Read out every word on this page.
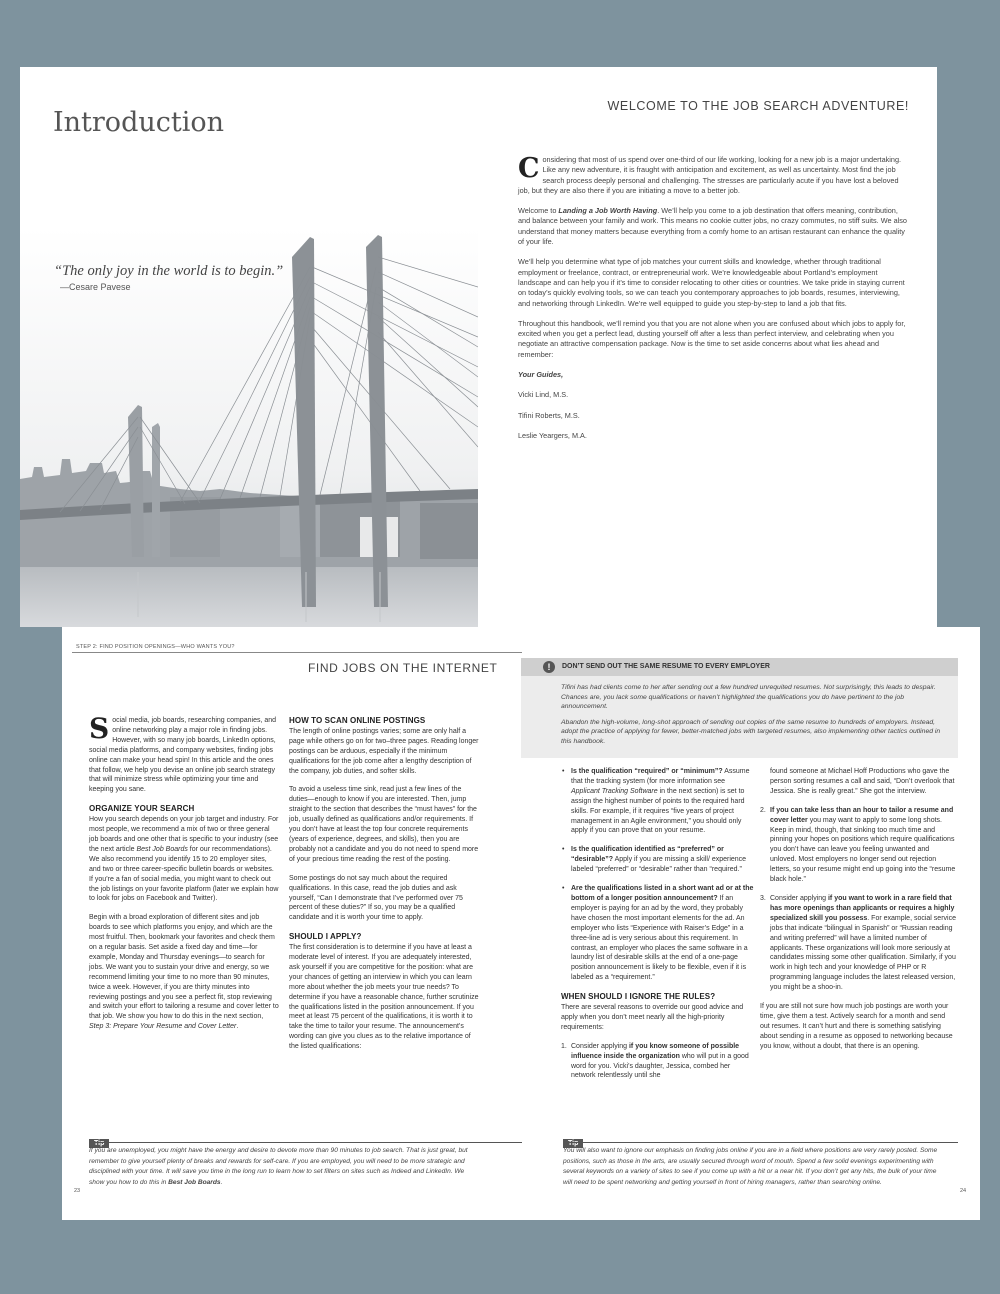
Introduction
WELCOME TO THE JOB SEARCH ADVENTURE!
“The only joy in the world is to begin.”
—Cesare Pavese

Considering that most of us spend over one-third of our life working, looking for a new job is a major undertaking. Like any new adventure, it is fraught with anticipation and excitement, as well as uncertainty. Most find the job search process deeply personal and challenging. The stresses are particularly acute if you have lost a beloved job, but they are also there if you are initiating a move to a better job.

Welcome to Landing a Job Worth Having. We’ll help you come to a job destination that offers meaning, contribution, and balance between your family and work. This means no cookie cutter jobs, no crazy commutes, no stiff suits. We also understand that money matters because everything from a comfy home to an artisan restaurant can enhance the quality of your life.

We’ll help you determine what type of job matches your current skills and knowledge, whether through traditional employment or freelance, contract, or entrepreneurial work. We’re knowledgeable about Portland’s employment landscape and can help you if it’s time to consider relocating to other cities or countries. We take pride in staying current on today’s quickly evolving tools, so we can teach you contemporary approaches to job boards, resumes, interviewing, and networking through LinkedIn. We’re well equipped to guide you step-by-step to land a job that fits.

Throughout this handbook, we’ll remind you that you are not alone when you are confused about which jobs to apply for, excited when you get a perfect lead, dusting yourself off after a less than perfect interview, and celebrating when you negotiate an attractive compensation package. Now is the time to set aside concerns about what lies ahead and remember:

Your Guides,

Vicki Lind, M.S.

Tifini Roberts, M.S.

Leslie Yeargers, M.A.

STEP 2: FIND POSITION OPENINGS—WHO WANTS YOU?
FIND JOBS ON THE INTERNET

Social media, job boards, researching companies, and online networking play a major role in finding jobs. However, with so many job boards, LinkedIn options, social media platforms, and company websites, finding jobs online can make your head spin! In this article and the ones that follow, we help you devise an online job search strategy that will minimize stress while optimizing your time and keeping you sane.

ORGANIZE YOUR SEARCH

How you search depends on your job target and industry. For most people, we recommend a mix of two or three general job boards and one other that is specific to your industry (see the next article Best Job Boards for our recommendations). We also recommend you identify 15 to 20 employer sites, and two or three career-specific bulletin boards or websites. If you’re a fan of social media, you might want to check out the job listings on your favorite platform (later we explain how to look for jobs on Facebook and Twitter).

Begin with a broad exploration of different sites and job boards to see which platforms you enjoy, and which are the most fruitful. Then, bookmark your favorites and check them on a regular basis. Set aside a fixed day and time—for example, Monday and Thursday evenings—to search for jobs. We want you to sustain your drive and energy, so we recommend limiting your time to no more than 90 minutes, twice a week. However, if you are thirty minutes into reviewing postings and you see a perfect fit, stop reviewing and switch your effort to tailoring a resume and cover letter to that job. We show you how to do this in the next section, Step 3: Prepare Your Resume and Cover Letter.

HOW TO SCAN ONLINE POSTINGS

The length of online postings varies; some are only half a page while others go on for two–three pages. Reading longer postings can be arduous, especially if the minimum qualifications for the job come after a lengthy description of the company, job duties, and softer skills.

To avoid a useless time sink, read just a few lines of the duties—enough to know if you are interested. Then, jump straight to the section that describes the “must haves” for the job, usually defined as qualifications and/or requirements. If you don’t have at least the top four concrete requirements (years of experience, degrees, and skills), then you are probably not a candidate and you do not need to spend more of your precious time reading the rest of the posting.

Some postings do not say much about the required qualifications. In this case, read the job duties and ask yourself, “Can I demonstrate that I’ve performed over 75 percent of these duties?” If so, you may be a qualified candidate and it is worth your time to apply.

SHOULD I APPLY?

The first consideration is to determine if you have at least a moderate level of interest. If you are adequately interested, ask yourself if you are competitive for the position: what are your chances of getting an interview in which you can learn more about whether the job meets your true needs? To determine if you have a reasonable chance, further scrutinize the qualifications listed in the position announcement. If you meet at least 75 percent of the qualifications, it is worth it to take the time to tailor your resume. The announcement’s wording can give you clues as to the relative importance of the listed qualifications:

!	DON’T SEND OUT THE SAME RESUME TO EVERY EMPLOYER

Tifini has had clients come to her after sending out a few hundred unrequited resumes. Not surprisingly, this leads to despair. Chances are, you lack some qualifications or haven’t highlighted the qualifications you do have pertinent to the job announcement.

Abandon the high-volume, long-shot approach of sending out copies of the same resume to hundreds of employers. Instead, adopt the practice of applying for fewer, better-matched jobs with targeted resumes, also implementing other tactics outlined in this handbook.

• Is the qualification “required” or “minimum”? Assume that the tracking system (for more information see Applicant Tracking Software in the next section) is set to assign the highest number of points to the required hard skills. For example, if it requires “five years of project management in an Agile environment,” you should only apply if you can prove that on your resume.
• Is the qualification identified as “preferred” or “desirable”? Apply if you are missing a skill/ experience labeled “preferred” or “desirable” rather than “required.”
• Are the qualifications listed in a short want ad or at the bottom of a longer position announcement? If an employer is paying for an ad by the word, they probably have chosen the most important elements for the ad. An employer who lists “Experience with Raiser’s Edge” in a three-line ad is very serious about this requirement. In contrast, an employer who places the same software in a laundry list of desirable skills at the end of a one-page position announcement is likely to be flexible, even if it is labeled as a “requirement.”
WHEN SHOULD I IGNORE THE RULES?

There are several reasons to override our good advice and apply when you don’t meet nearly all the high-priority requirements:

1. Consider applying if you know someone of possible influence inside the organization who will put in a good word for you. Vicki’s daughter, Jessica, combed her network relentlessly until she
found someone at Michael Hoff Productions who gave the person sorting resumes a call and said, “Don’t overlook that Jessica. She is really great.” She got the interview.
2. If you can take less than an hour to tailor a resume and cover letter you may want to apply to some long shots. Keep in mind, though, that sinking too much time and pinning your hopes on positions which require qualifications you don’t have can leave you feeling unwanted and unloved. Most employers no longer send out rejection letters, so your resume might end up going into the “resume black hole.”
3. Consider applying if you want to work in a rare field that has more openings than applicants or requires a highly specialized skill you possess. For example, social service jobs that indicate “bilingual in Spanish” or “Russian reading and writing preferred” will have a limited number of applicants. These organizations will look more seriously at candidates missing some other qualification. Similarly, if you work in high tech and your knowledge of PHP or R programming language includes the latest released version, you might be a shoo-in.

If you are still not sure how much job postings are worth your time, give them a test. Actively search for a month and send out resumes. It can’t hurt and there is something satisfying about sending in a resume as opposed to networking because you know, without a doubt, that there is an opening.

Tip
If you are unemployed, you might have the energy and desire to devote more than 90 minutes to job search. That is just great, but remember to give yourself plenty of breaks and rewards for self-care. If you are employed, you will need to be more strategic and disciplined with your time. It will save you time in the long run to learn how to set filters on sites such as Indeed and LinkedIn. We show you how to do this in Best Job Boards.
Tip
You will also want to ignore our emphasis on finding jobs online if you are in a field where positions are very rarely posted. Some positions, such as those in the arts, are usually secured through word of mouth. Spend a few solid evenings experimenting with several keywords on a variety of sites to see if you come up with a hit or a near hit. If you don’t get any hits, the bulk of your time will need to be spent networking and getting yourself in front of hiring managers, rather than searching online.
23	24
